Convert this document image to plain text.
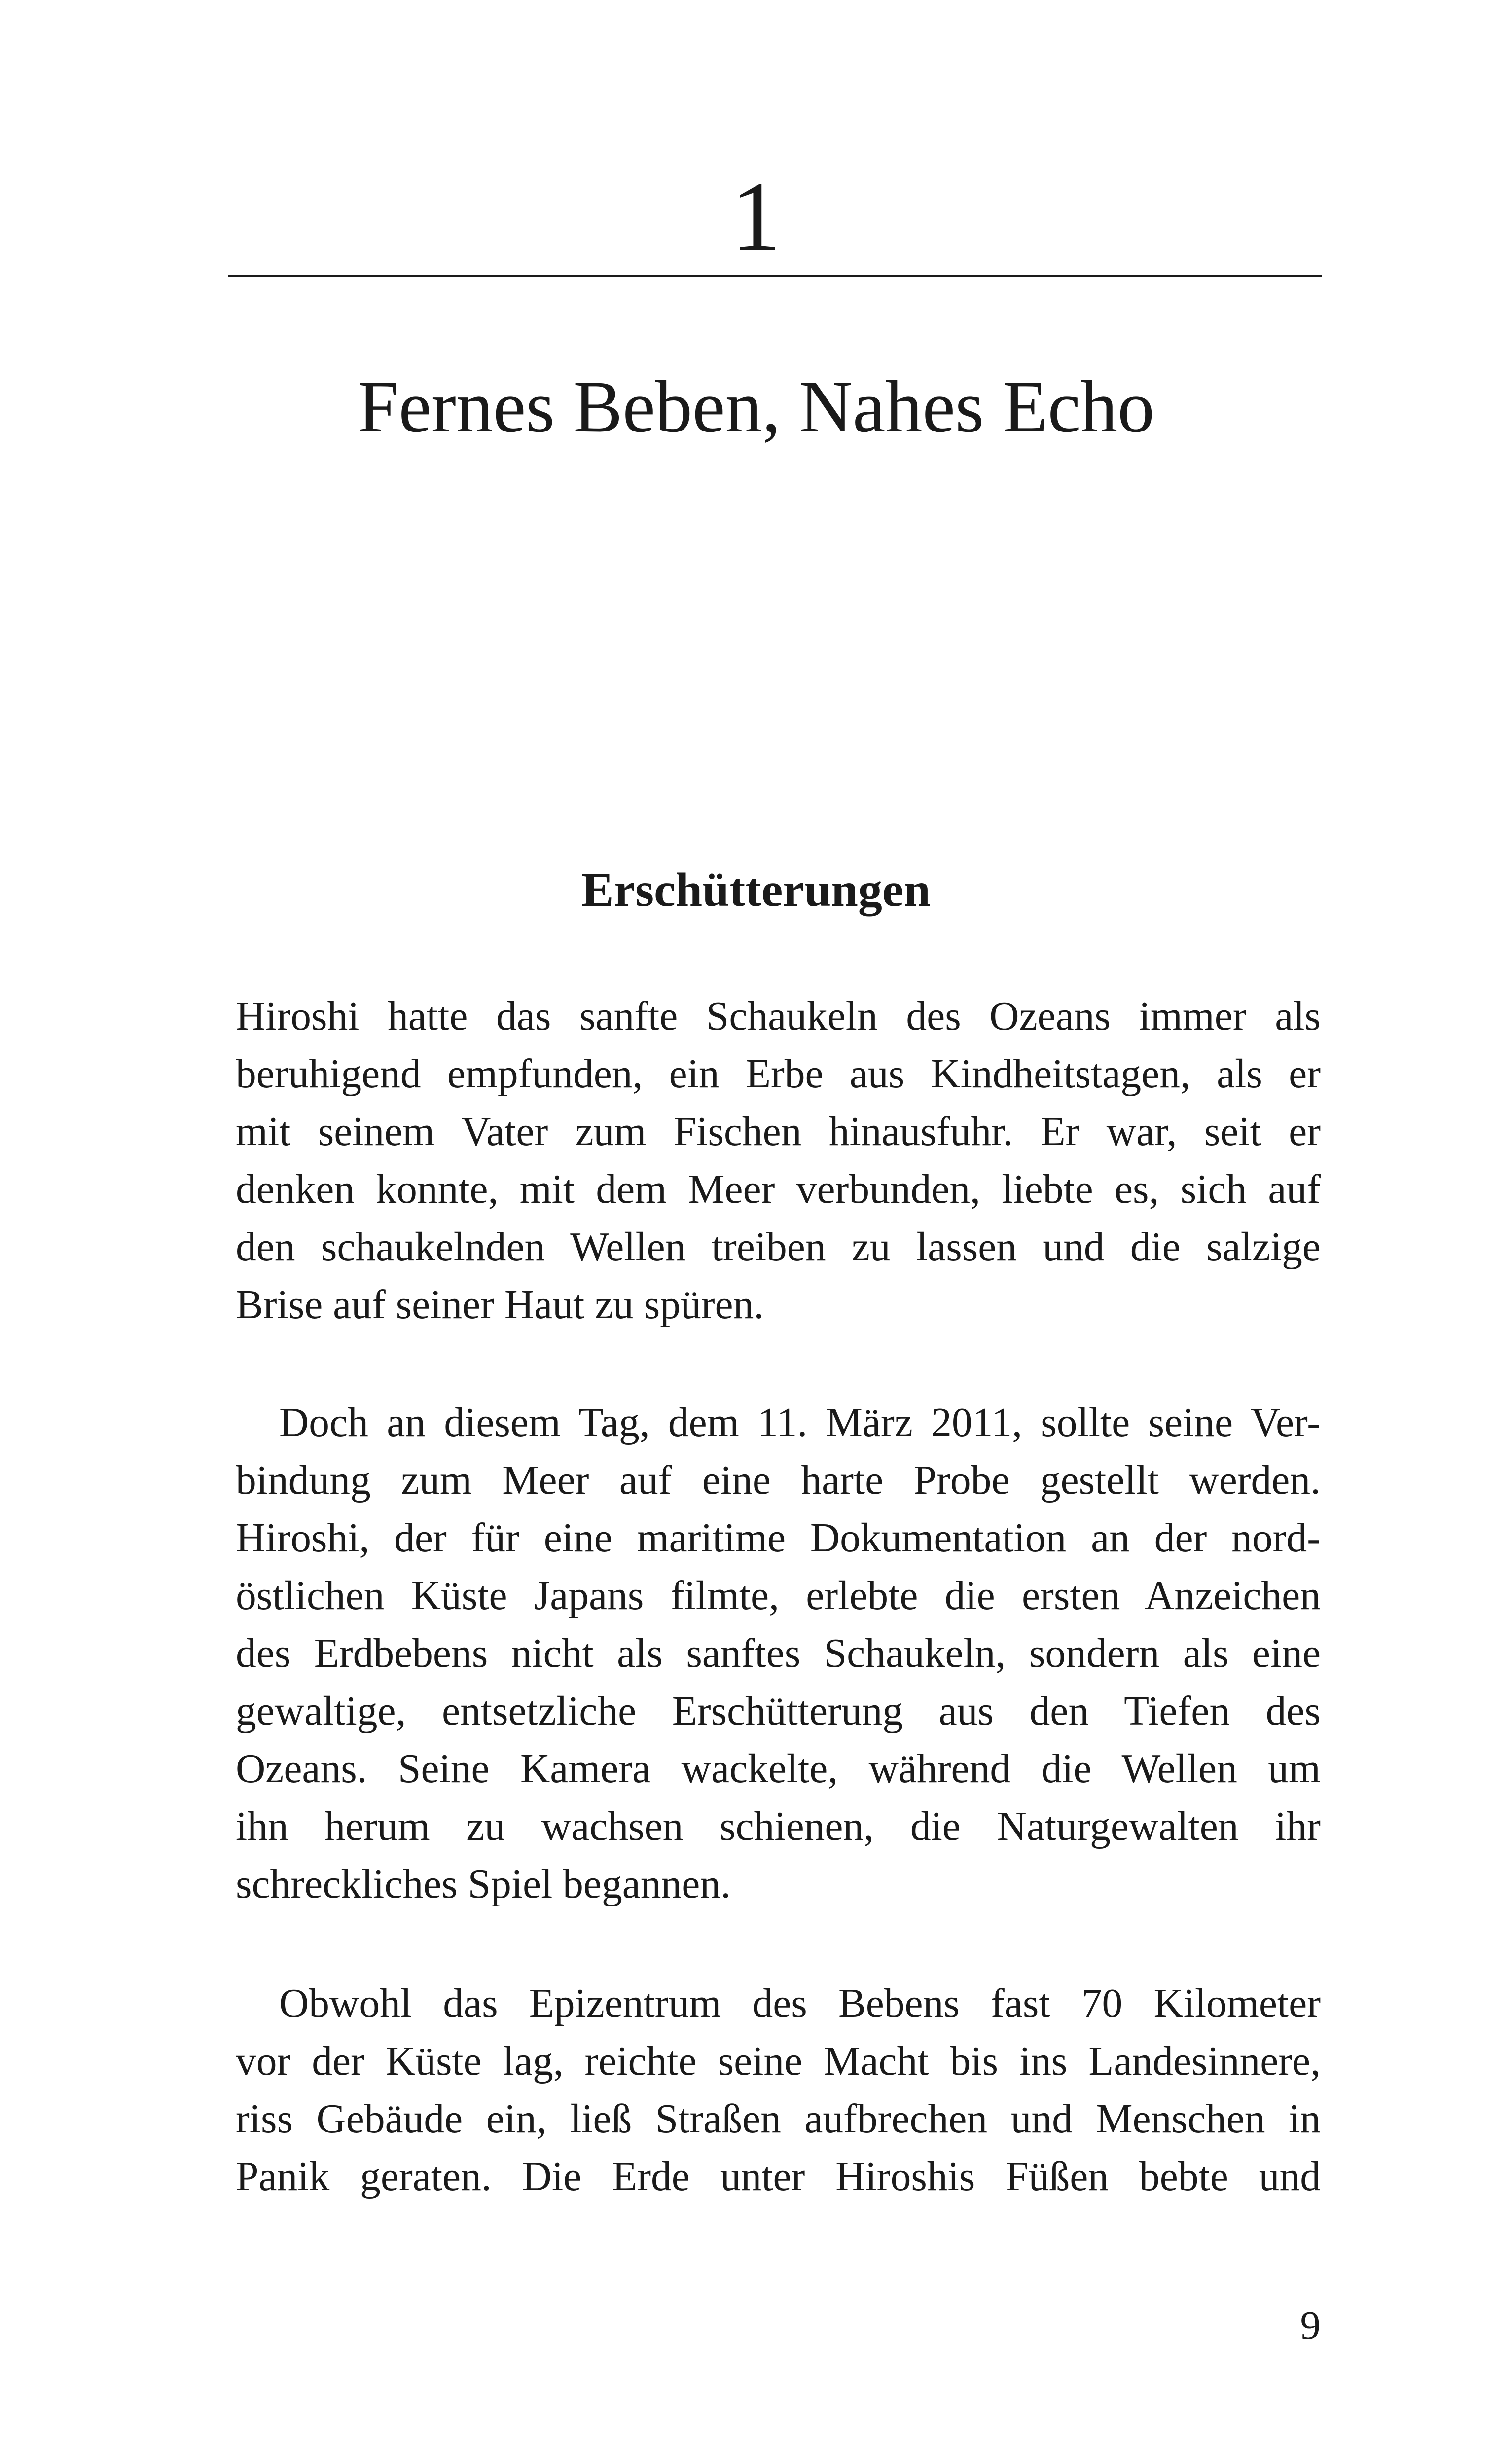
1
Fernes Beben, Nahes Echo
Erschütterungen
Hiroshi hatte das sanfte Schaukeln des Ozeans immer als
beruhigend empfunden, ein Erbe aus Kindheitstagen, als er
mit seinem Vater zum Fischen hinausfuhr. Er war, seit er
denken konnte, mit dem Meer verbunden, liebte es, sich auf
den schaukelnden Wellen treiben zu lassen und die salzige
Brise auf seiner Haut zu spüren.
Doch an diesem Tag, dem 11. März 2011, sollte seine Ver-
bindung zum Meer auf eine harte Probe gestellt werden.
Hiroshi, der für eine maritime Dokumentation an der nord-
östlichen Küste Japans filmte, erlebte die ersten Anzeichen
des Erdbebens nicht als sanftes Schaukeln, sondern als eine
gewaltige, entsetzliche Erschütterung aus den Tiefen des
Ozeans. Seine Kamera wackelte, während die Wellen um
ihn herum zu wachsen schienen, die Naturgewalten ihr
schreckliches Spiel begannen.
Obwohl das Epizentrum des Bebens fast 70 Kilometer
vor der Küste lag, reichte seine Macht bis ins Landesinnere,
riss Gebäude ein, ließ Straßen aufbrechen und Menschen in
Panik geraten. Die Erde unter Hiroshis Füßen bebte und
9
